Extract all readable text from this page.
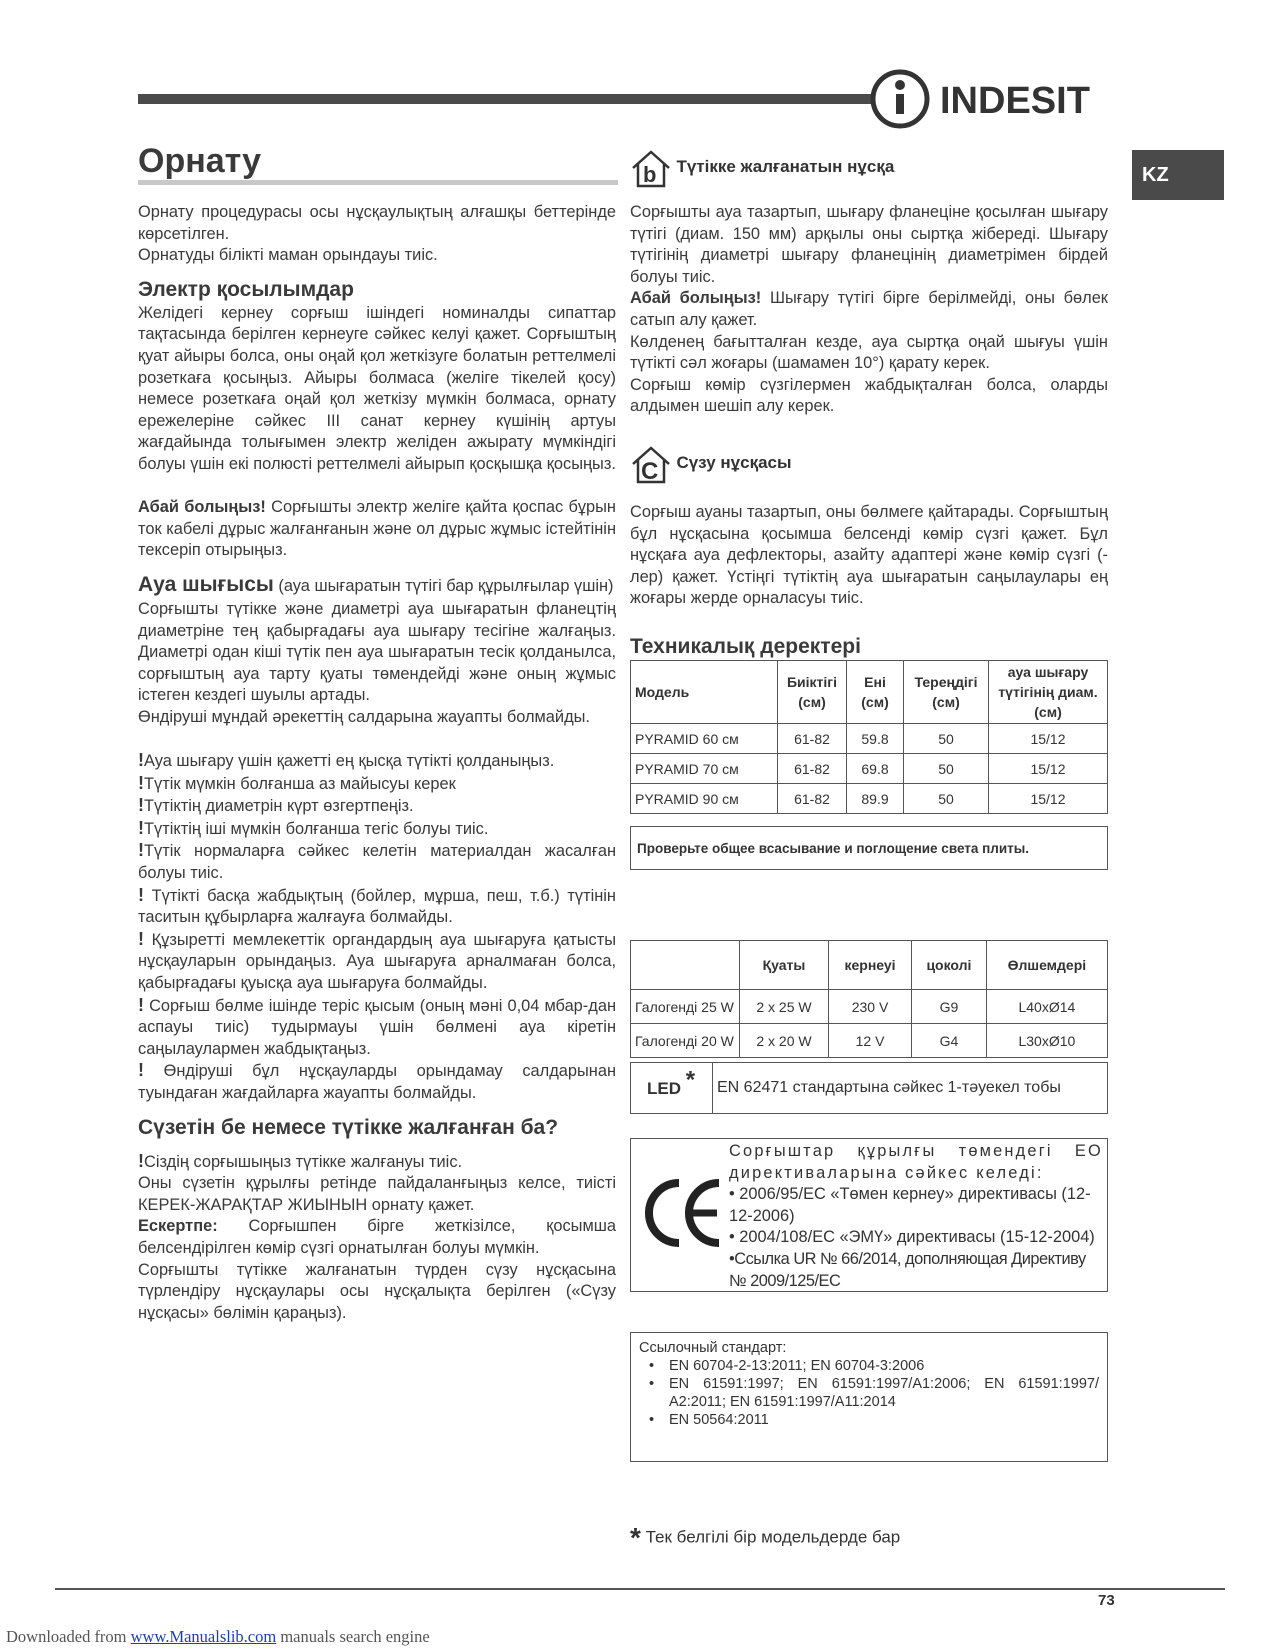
INDESIT
KZ
Орнату

Орнату процедурасы осы нұсқаулықтың алғашқы беттерінде көрсетілген.

Орнатуды білікті маман орындауы тиіс.

Электр қосылымдар

Желідегі кернеу сорғыш ішіндегі номиналды сипаттар тақтасында берілген кернеуге сәйкес келуі қажет. Сорғыштың қуат айыры болса, оны оңай қол жеткізуге болатын реттелмелі розеткаға қосыңыз. Айыры болмаса (желіге тікелей қосу) немесе розеткаға оңай қол жеткізу мүмкін болмаса, орнату ережелеріне сәйкес III санат кернеу күшінің артуы жағдайында толығымен электр желіден ажырату мүмкіндігі болуы үшін екі полюсті реттелмелі айырып қосқышқа қосыңыз.

Абай болыңыз! Сорғышты электр желіге қайта қоспас бұрын ток кабелі дұрыс жалғанғанын және ол дұрыс жұмыс істейтінін тексеріп отырыңыз.

Ауа шығысы (ауа шығаратын түтігі бар құрылғылар үшін)

Сорғышты түтікке және диаметрі ауа шығаратын фланецтің диаметріне тең қабырғадағы ауа шығару тесігіне жалғаңыз. Диаметрі одан кіші түтік пен ауа шығаратын тесік қолданылса, сорғыштың ауа тарту қуаты төмендейді және оның жұмыс істеген кездегі шуылы артады.

Өндіруші мұндай әрекеттің салдарына жауапты болмайды.

!Ауа шығару үшін қажетті ең қысқа түтікті қолданыңыз.

!Түтік мүмкін болғанша аз майысуы керек

!Түтіктің диаметрін күрт өзгертпеңіз.

!Түтіктің іші мүмкін болғанша тегіс болуы тиіс.

!Түтік нормаларға сәйкес келетін материалдан жасалған болуы тиіс.

! Түтікті басқа жабдықтың (бойлер, мұрша, пеш, т.б.) түтінін таситын құбырларға жалғауға болмайды.

! Құзыретті мемлекеттік органдардың ауа шығаруға қатысты нұсқауларын орындаңыз. Ауа шығаруға арналмаған болса, қабырғадағы қуысқа ауа шығаруға болмайды.

! Сорғыш бөлме ішінде теріс қысым (оның мәні 0,04 мбар-дан аспауы тиіс) тудырмауы үшін бөлмені ауа кіретін саңылаулармен жабдықтаңыз.

! Өндіруші бұл нұсқауларды орындамау салдарынан туындаған жағдайларға жауапты болмайды.

Сүзетін бе немесе түтікке жалғанған ба?

!Сіздің сорғышыңыз түтікке жалғануы тиіс.

Оны сүзетін құрылғы ретінде пайдаланғыңыз келсе, тиісті КЕРЕК-ЖАРАҚТАР ЖИЫНЫН орнату қажет.

Ескертпе: Сорғышпен бірге жеткізілсе, қосымша белсендірілген көмір сүзгі орнатылған болуы мүмкін.

Сорғышты түтікке жалғанатын түрден сүзу нұсқасына түрлендіру нұсқаулары осы нұсқалықта берілген («Сүзу нұсқасы» бөлімін қараңыз).

b Түтікке жалғанатын нұсқа

Сорғышты ауа тазартып, шығару фланеціне қосылған шығару түтігі (диам. 150 мм) арқылы оны сыртқа жібереді. Шығару түтігінің диаметрі шығару фланецінің диаметрімен бірдей болуы тиіс.

Абай болыңыз! Шығару түтігі бірге берілмейді, оны бөлек сатып алу қажет.

Көлденең бағытталған кезде, ауа сыртқа оңай шығуы үшін түтікті сәл жоғары (шамамен 10°) қарату керек.

Сорғыш көмір сүзгілермен жабдықталған болса, оларды алдымен шешіп алу керек.

C Сүзу нұсқасы

Сорғыш ауаны тазартып, оны бөлмеге қайтарады. Сорғыштың бұл нұсқасына қосымша белсенді көмір сүзгі қажет. Бұл нұсқаға ауа дефлекторы, азайту адаптері және көмір сүзгі (-лер) қажет. Үстіңгі түтіктің ауа шығаратын саңылаулары ең жоғары жерде орналасуы тиіс.

Техникалық деректері
Модель	Биіктігі (см)	Ені (см)	Тереңдігі (см)	ауа шығару түтігінің диам. (см)
PYRAMID 60 см	61-82	59.8	50	15/12
PYRAMID 70 см	61-82	69.8	50	15/12
PYRAMID 90 см	61-82	89.9	50	15/12
Проверьте общее всасывание и поглощение света плиты.
	Қуаты	кернеуі	цоколі	Өлшемдері
Галогенді 25 W	2 x 25 W	230 V	G9	L40xØ14
Галогенді 20 W	2 x 20 W	12 V	G4	L30xØ10
LED *	EN 62471 стандартына сәйкес 1-тәуекел тобы
Сорғыштар құрылғы төмендегі ЕО директиваларына сәйкес келеді:
• 2006/95/EC «Төмен кернеу» директивасы (12-12-2006)
• 2004/108/EC «ЭМҮ» директивасы (15-12-2004)
•Ссылка UR № 66/2014, дополняющая Директиву № 2009/125/EC
Ссылочный стандарт:
• EN 60704-2-13:2011; EN 60704-3:2006
• EN 61591:1997; EN 61591:1997/A1:2006; EN 61591:1997/ A2:2011; EN 61591:1997/A11:2014
• EN 50564:2011
* Тек белгілі бір модельдерде бар
73
Downloaded from www.Manualslib.com manuals search engine
